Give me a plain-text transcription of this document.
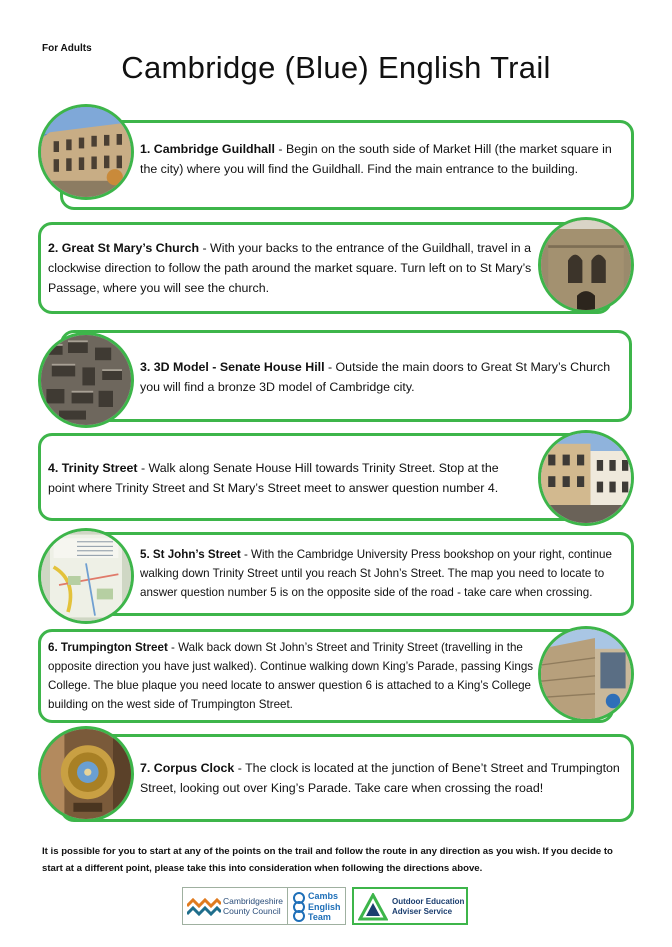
For Adults
Cambridge (Blue) English Trail
1. Cambridge Guildhall - Begin on the south side of Market Hill (the market square in the city) where you will find the Guildhall. Find the main entrance to the building.
2. Great St Mary’s Church - With your backs to the entrance of the Guildhall, travel in a clockwise direction to follow the path around the market square. Turn left on to St Mary’s Passage, where you will see the church.
3. 3D Model - Senate House Hill - Outside the main doors to Great St Mary’s Church you will find a bronze 3D model of Cambridge city.
4. Trinity Street - Walk along Senate House Hill towards Trinity Street. Stop at the point where Trinity Street and St Mary’s Street meet to answer question number 4.
5. St John’s Street - With the Cambridge University Press bookshop on your right, continue walking down Trinity Street until you reach St John’s Street. The map you need to locate to answer question number 5 is on the opposite side of the road - take care when crossing.
6. Trumpington Street - Walk back down St John’s Street and Trinity Street (travelling in the opposite direction you have just walked). Continue walking down King’s Parade, passing Kings College. The blue plaque you need locate to answer question 6 is attached to a King’s College building on the west side of Trumpington Street.
7. Corpus Clock - The clock is located at the junction of Bene’t Street and Trumpington Street, looking out over King’s Parade. Take care when crossing the road!

It is possible for you to start at any of the points on the trail and follow the route in any direction as you wish. If you decide to start at a different point, please take this into consideration when following the directions above.

Cambridgeshire
County Council
Cambs
English
Team
Outdoor Education
Adviser Service
